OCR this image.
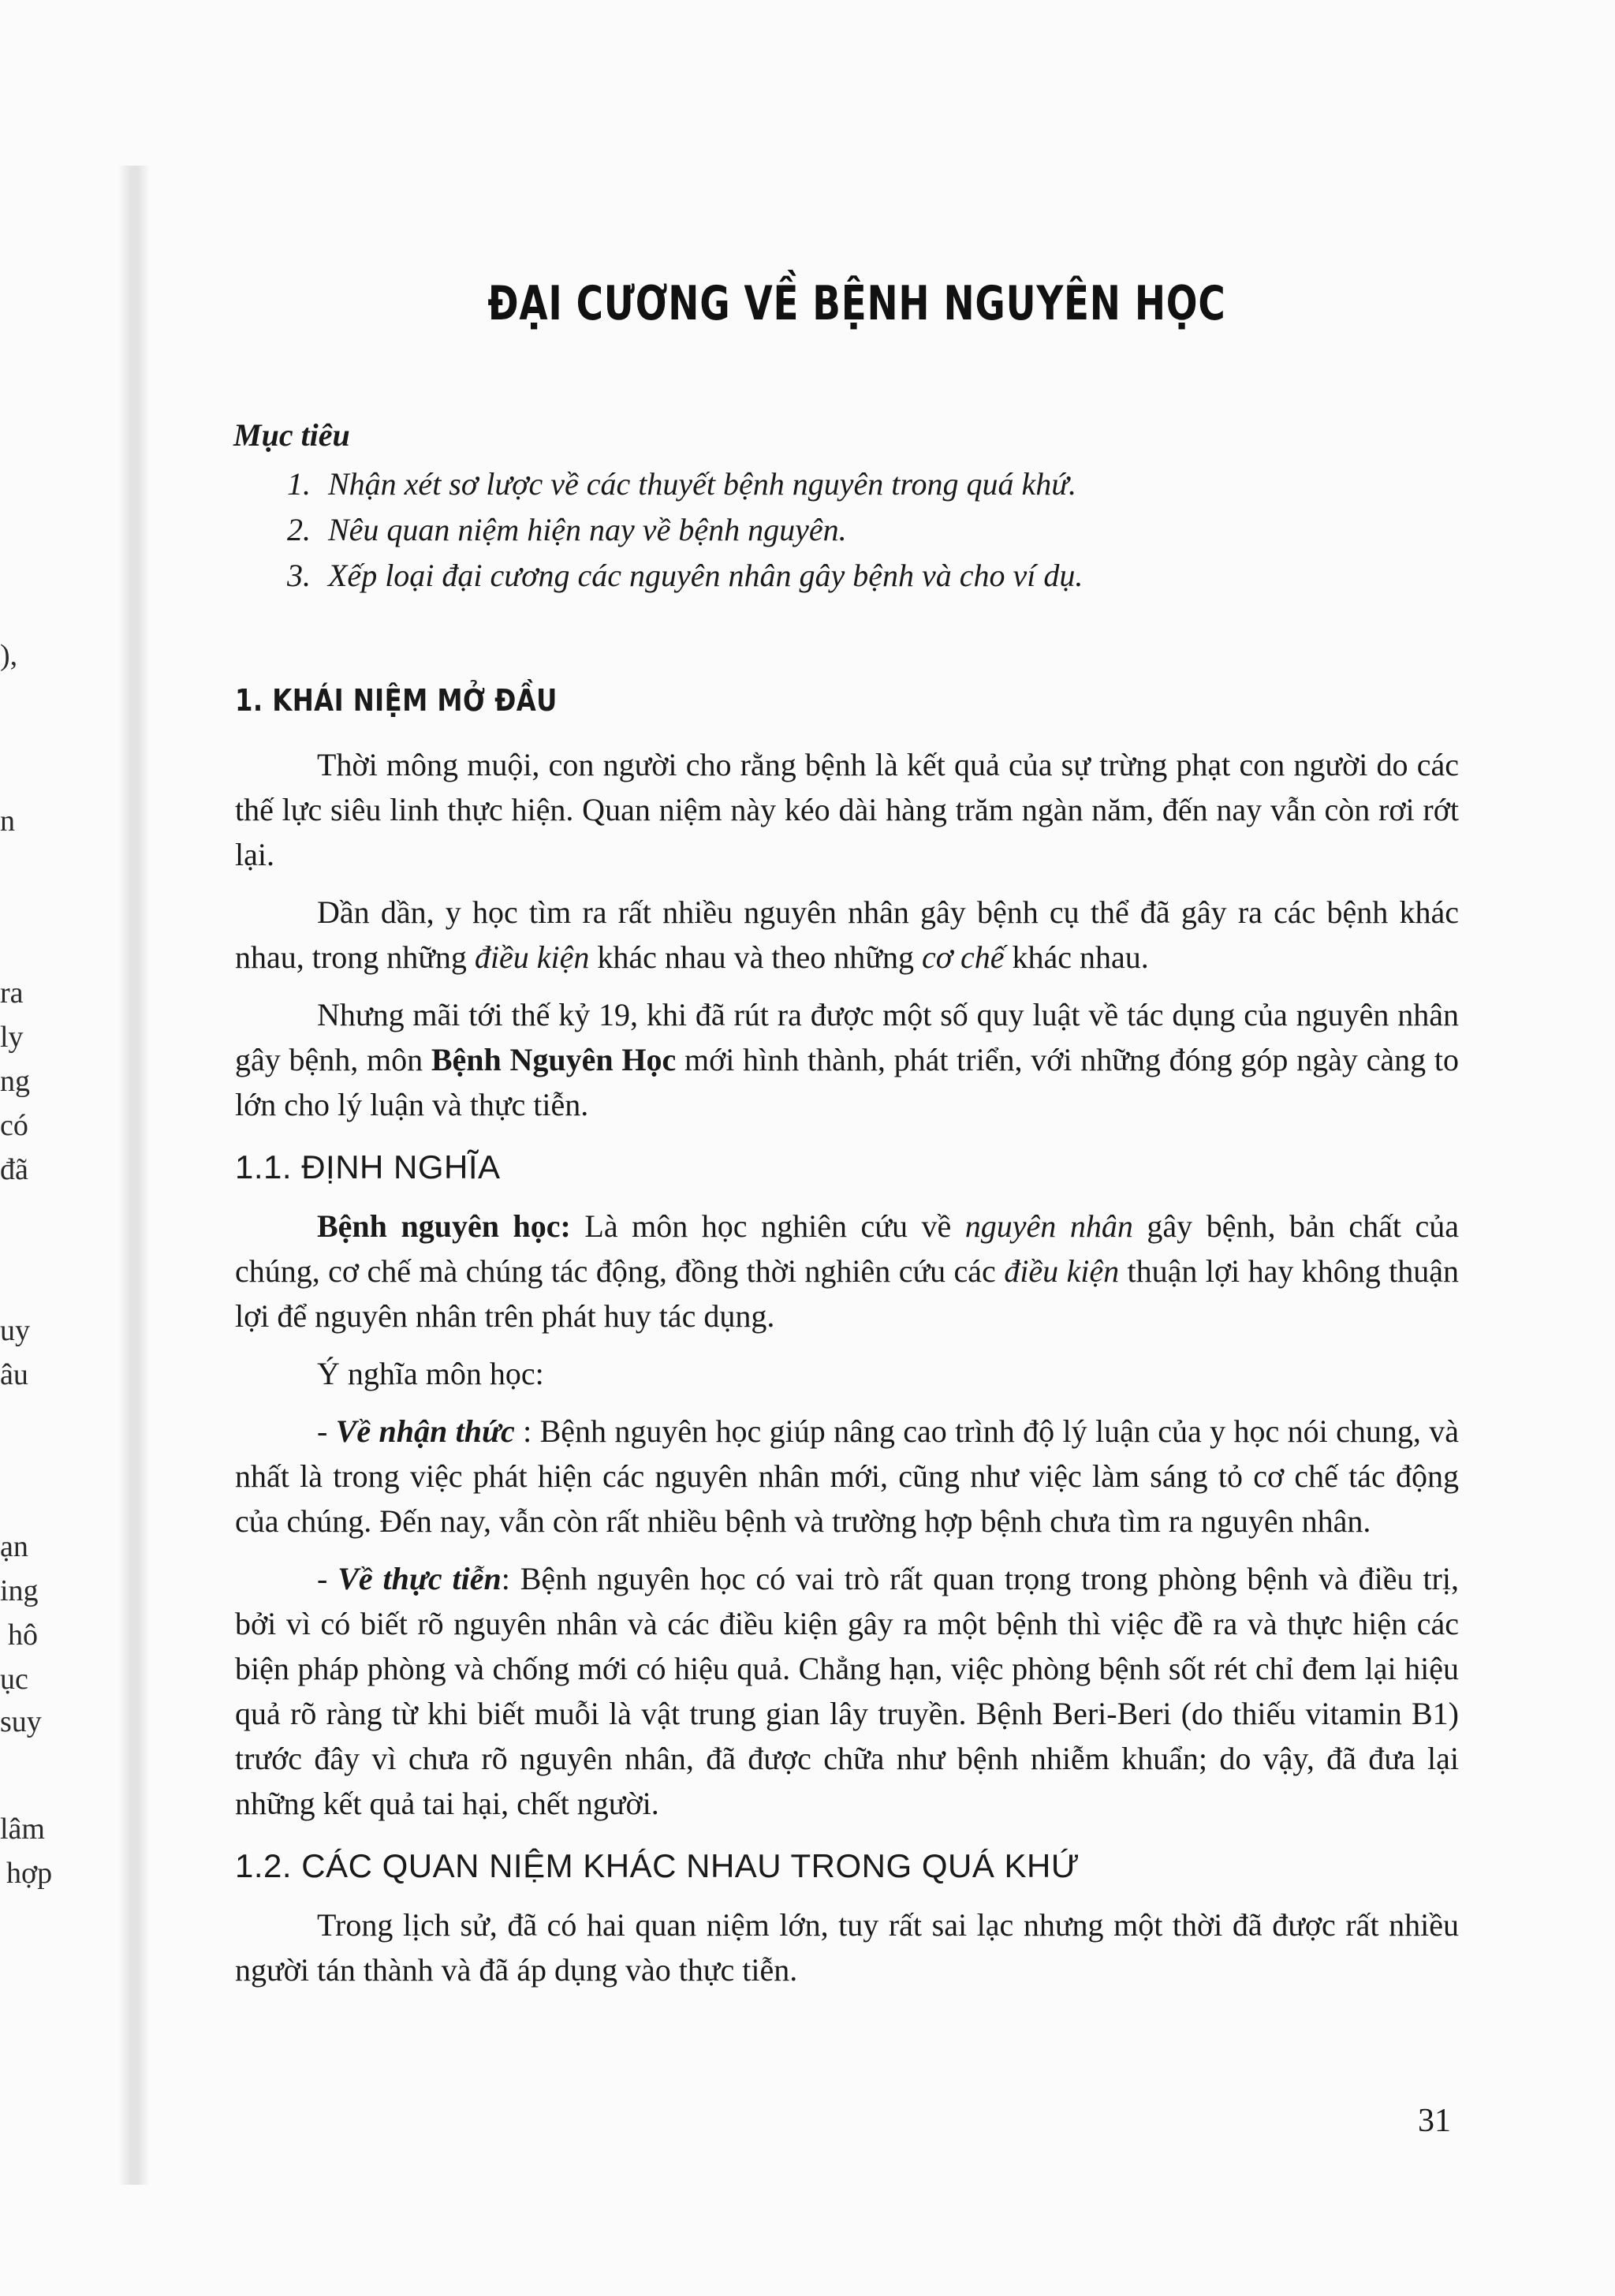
),
n
ra
ly
ng
có
đã
uy
âu
ạn
ing
hô
ục
suy
lâm
hợp
ĐẠI CƯƠNG VỀ BỆNH NGUYÊN HỌC
Mục tiêu
1. Nhận xét sơ lược về các thuyết bệnh nguyên trong quá khứ.
2. Nêu quan niệm hiện nay về bệnh nguyên.
3. Xếp loại đại cương các nguyên nhân gây bệnh và cho ví dụ.
1. KHÁI NIỆM MỞ ĐẦU

Thời mông muội, con người cho rằng bệnh là kết quả của sự trừng phạt con người do các thế lực siêu linh thực hiện. Quan niệm này kéo dài hàng trăm ngàn năm, đến nay vẫn còn rơi rớt lại.

Dần dần, y học tìm ra rất nhiều nguyên nhân gây bệnh cụ thể đã gây ra các bệnh khác nhau, trong những điều kiện khác nhau và theo những cơ chế khác nhau.

Nhưng mãi tới thế kỷ 19, khi đã rút ra được một số quy luật về tác dụng của nguyên nhân gây bệnh, môn Bệnh Nguyên Học mới hình thành, phát triển, với những đóng góp ngày càng to lớn cho lý luận và thực tiễn.

1.1. ĐỊNH NGHĨA

Bệnh nguyên học: Là môn học nghiên cứu về nguyên nhân gây bệnh, bản chất của chúng, cơ chế mà chúng tác động, đồng thời nghiên cứu các điều kiện thuận lợi hay không thuận lợi để nguyên nhân trên phát huy tác dụng.

Ý nghĩa môn học:

- Về nhận thức : Bệnh nguyên học giúp nâng cao trình độ lý luận của y học nói chung, và nhất là trong việc phát hiện các nguyên nhân mới, cũng như việc làm sáng tỏ cơ chế tác động của chúng. Đến nay, vẫn còn rất nhiều bệnh và trường hợp bệnh chưa tìm ra nguyên nhân.

- Về thực tiễn: Bệnh nguyên học có vai trò rất quan trọng trong phòng bệnh và điều trị, bởi vì có biết rõ nguyên nhân và các điều kiện gây ra một bệnh thì việc đề ra và thực hiện các biện pháp phòng và chống mới có hiệu quả. Chẳng hạn, việc phòng bệnh sốt rét chỉ đem lại hiệu quả rõ ràng từ khi biết muỗi là vật trung gian lây truyền. Bệnh Beri-Beri (do thiếu vitamin B1) trước đây vì chưa rõ nguyên nhân, đã được chữa như bệnh nhiễm khuẩn; do vậy, đã đưa lại những kết quả tai hại, chết người.

1.2. CÁC QUAN NIỆM KHÁC NHAU TRONG QUÁ KHỨ

Trong lịch sử, đã có hai quan niệm lớn, tuy rất sai lạc nhưng một thời đã được rất nhiều người tán thành và đã áp dụng vào thực tiễn.

31
